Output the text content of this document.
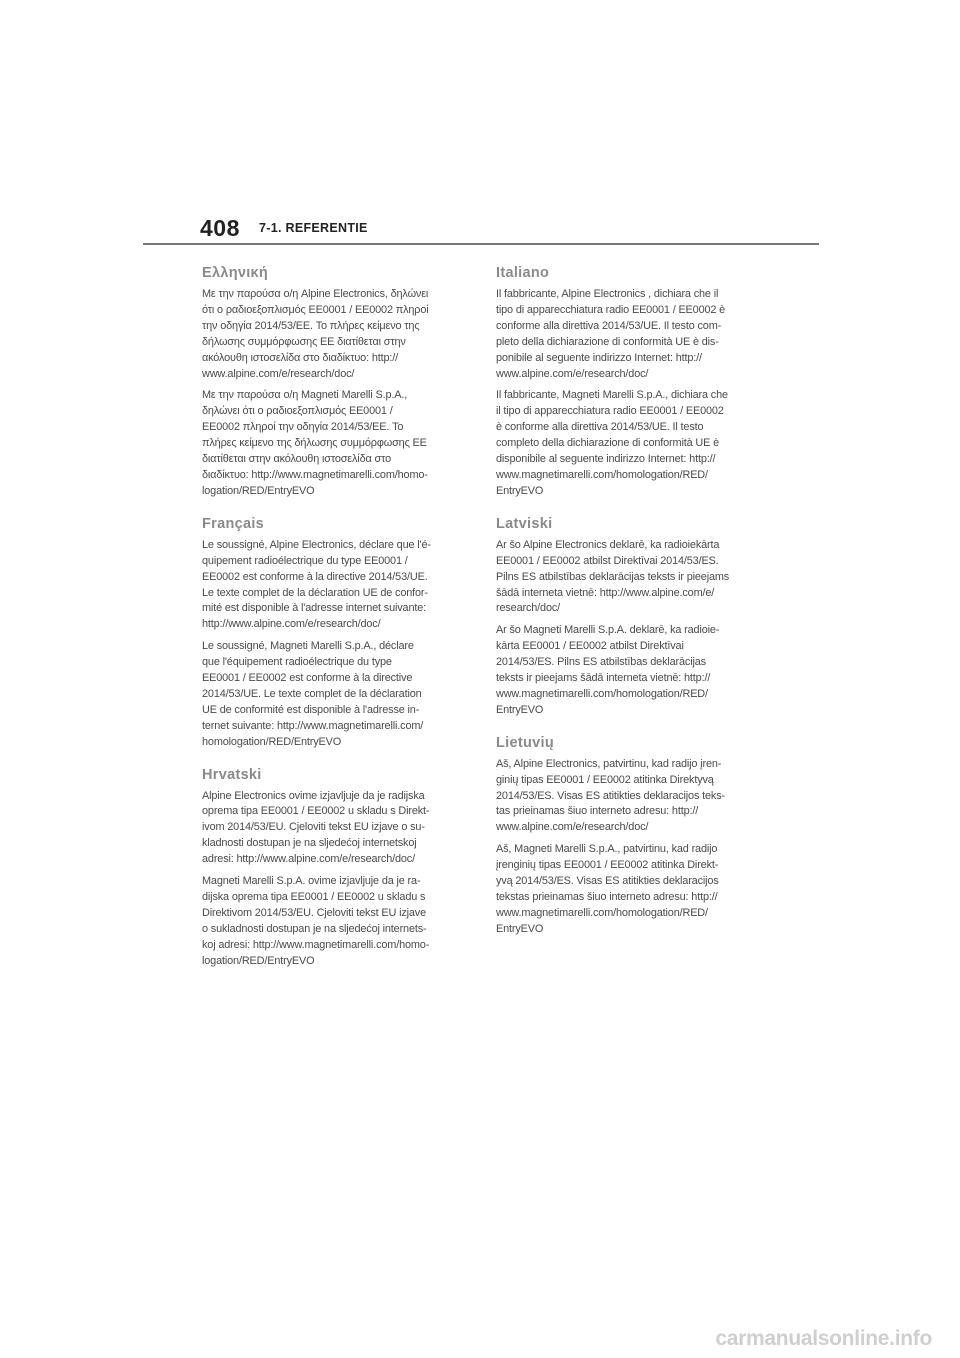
408 7-1. REFERENTIE
Ελληνική
Με την παρούσα ο/η Alpine Electronics, δηλώνει
ότι ο ραδιοεξοπλισμός EE0001 / EE0002 πληροί
την οδηγία 2014/53/EE. Το πλήρες κείμενο της
δήλωσης συμμόρφωσης ΕΕ διατίθεται στην
ακόλουθη ιστοσελίδα στο διαδίκτυο: http://
www.alpine.com/e/research/doc/
Με την παρούσα ο/η Magneti Marelli S.p.A.,
δηλώνει ότι ο ραδιοεξοπλισμός EE0001 /
EE0002 πληροί την οδηγία 2014/53/EE. Το
πλήρες κείμενο της δήλωσης συμμόρφωσης ΕΕ
διατίθεται στην ακόλουθη ιστοσελίδα στο
διαδίκτυο: http://www.magnetimarelli.com/homo-
logation/RED/EntryEVO
Français
Le soussigné, Alpine Electronics, déclare que l'é-
quipement radioélectrique du type EE0001 /
EE0002 est conforme à la directive 2014/53/UE.
Le texte complet de la déclaration UE de confor-
mité est disponible à l'adresse internet suivante:
http://www.alpine.com/e/research/doc/
Le soussigné, Magneti Marelli S.p.A., déclare
que l'équipement radioélectrique du type
EE0001 / EE0002 est conforme à la directive
2014/53/UE. Le texte complet de la déclaration
UE de conformité est disponible à l'adresse in-
ternet suivante: http://www.magnetimarelli.com/
homologation/RED/EntryEVO
Hrvatski
Alpine Electronics ovime izjavljuje da je radijska
oprema tipa EE0001 / EE0002 u skladu s Direkt-
ivom 2014/53/EU. Cjeloviti tekst EU izjave o su-
kladnosti dostupan je na sljedećoj internetskoj
adresi: http://www.alpine.com/e/research/doc/
Magneti Marelli S.p.A. ovime izjavljuje da je ra-
dijska oprema tipa EE0001 / EE0002 u skladu s
Direktivom 2014/53/EU. Cjeloviti tekst EU izjave
o sukladnosti dostupan je na sljedećoj internets-
koj adresi: http://www.magnetimarelli.com/homo-
logation/RED/EntryEVO
Italiano
Il fabbricante, Alpine Electronics , dichiara che il
tipo di apparecchiatura radio EE0001 / EE0002 è
conforme alla direttiva 2014/53/UE. Il testo com-
pleto della dichiarazione di conformità UE è dis-
ponibile al seguente indirizzo Internet: http://
www.alpine.com/e/research/doc/
Il fabbricante, Magneti Marelli S.p.A., dichiara che
il tipo di apparecchiatura radio EE0001 / EE0002
è conforme alla direttiva 2014/53/UE. Il testo
completo della dichiarazione di conformità UE è
disponibile al seguente indirizzo Internet: http://
www.magnetimarelli.com/homologation/RED/
EntryEVO
Latviski
Ar šo Alpine Electronics deklarē, ka radioiekārta
EE0001 / EE0002 atbilst Direktīvai 2014/53/ES.
Pilns ES atbilstības deklarācijas teksts ir pieejams
šādā interneta vietnē: http://www.alpine.com/e/
research/doc/
Ar šo Magneti Marelli S.p.A. deklarē, ka radioie-
kārta EE0001 / EE0002 atbilst Direktīvai
2014/53/ES. Pilns ES atbilstības deklarācijas
teksts ir pieejams šādā interneta vietnē: http://
www.magnetimarelli.com/homologation/RED/
EntryEVO
Lietuvių
Aš, Alpine Electronics, patvirtinu, kad radijo įren-
ginių tipas EE0001 / EE0002 atitinka Direktyvą
2014/53/ES. Visas ES atitikties deklaracijos teks-
tas prieinamas šiuo interneto adresu: http://
www.alpine.com/e/research/doc/
Aš, Magneti Marelli S.p.A., patvirtinu, kad radijo
įrenginių tipas EE0001 / EE0002 atitinka Direkt-
yvą 2014/53/ES. Visas ES atitikties deklaracijos
tekstas prieinamas šiuo interneto adresu: http://
www.magnetimarelli.com/homologation/RED/
EntryEVO
carmanualsonline.info
